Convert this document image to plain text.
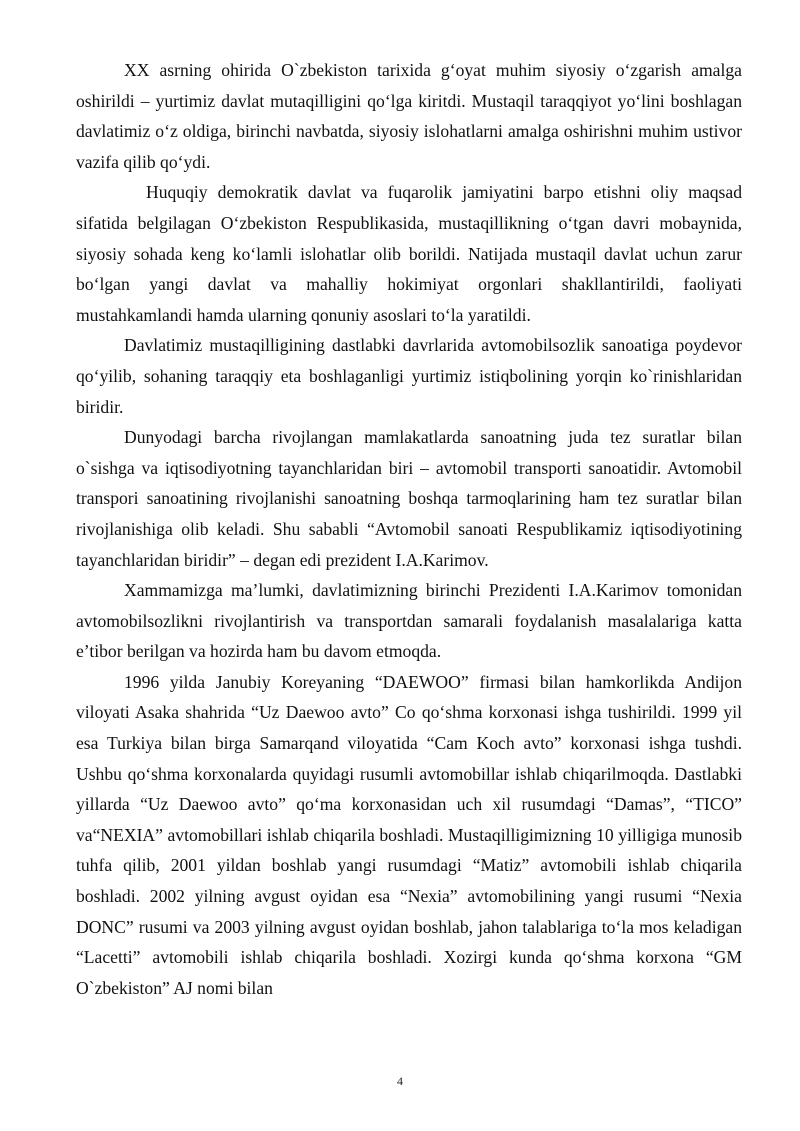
XX asrning ohirida O`zbekiston tarixida g‘oyat muhim siyosiy o‘zgarish amalga oshirildi – yurtimiz davlat mutaqilligini qo‘lga kiritdi. Mustaqil taraqqiyot yo‘lini boshlagan davlatimiz o‘z oldiga, birinchi navbatda, siyosiy islohatlarni amalga oshirishni muhim ustivor vazifa qilib qo‘ydi.

Huquqiy demokratik davlat va fuqarolik jamiyatini barpo etishni oliy maqsad sifatida belgilagan O‘zbekiston Respublikasida, mustaqillikning o‘tgan davri mobaynida, siyosiy sohada keng ko‘lamli islohatlar olib borildi. Natijada mustaqil davlat uchun zarur bo‘lgan yangi davlat va mahalliy hokimiyat orgonlari shakllantirildi, faoliyati mustahkamlandi hamda ularning qonuniy asoslari to‘la yaratildi.

Davlatimiz mustaqilligining dastlabki davrlarida avtomobilsozlik sanoatiga poydevor qo‘yilib, sohaning taraqqiy eta boshlaganligi yurtimiz istiqbolining yorqin ko`rinishlaridan biridir.

Dunyodagi barcha rivojlangan mamlakatlarda sanoatning juda tez suratlar bilan o`sishga va iqtisodiyotning tayanchlaridan biri – avtomobil transporti sanoatidir. Avtomobil transpori sanoatining rivojlanishi sanoatning boshqa tarmoqlarining ham tez suratlar bilan rivojlanishiga olib keladi. Shu sababli “Avtomobil sanoati Respublikamiz iqtisodiyotining tayanchlaridan biridir” – degan edi prezident I.A.Karimov.

Xammamizga ma’lumki, davlatimizning birinchi Prezidenti I.A.Karimov tomonidan avtomobilsozlikni rivojlantirish va transportdan samarali foydalanish masalalariga katta e’tibor berilgan va hozirda ham bu davom etmoqda.

1996 yilda Janubiy Koreyaning “DAEWOO” firmasi bilan hamkorlikda Andijon viloyati Asaka shahrida “Uz Daewoo avto” Co qo‘shma korxonasi ishga tushirildi. 1999 yil esa Turkiya bilan birga Samarqand viloyatida “Cam Koch avto” korxonasi ishga tushdi. Ushbu qo‘shma korxonalarda quyidagi rusumli avtomobillar ishlab chiqarilmoqda. Dastlabki yillarda “Uz Daewoo avto” qo‘ma korxonasidan uch xil rusumdagi “Damas”, “TICO” va“NEXIA” avtomobillari ishlab chiqarila boshladi. Mustaqilligimizning 10 yilligiga munosib tuhfa qilib, 2001 yildan boshlab yangi rusumdagi “Matiz” avtomobili ishlab chiqarila boshladi. 2002 yilning avgust oyidan esa “Nexia” avtomobilining yangi rusumi “Nexia DONC” rusumi va 2003 yilning avgust oyidan boshlab, jahon talablariga to‘la mos keladigan “Lacetti” avtomobili ishlab chiqarila boshladi. Xozirgi kunda qo‘shma korxona “GM O`zbekiston” AJ nomi bilan

4
